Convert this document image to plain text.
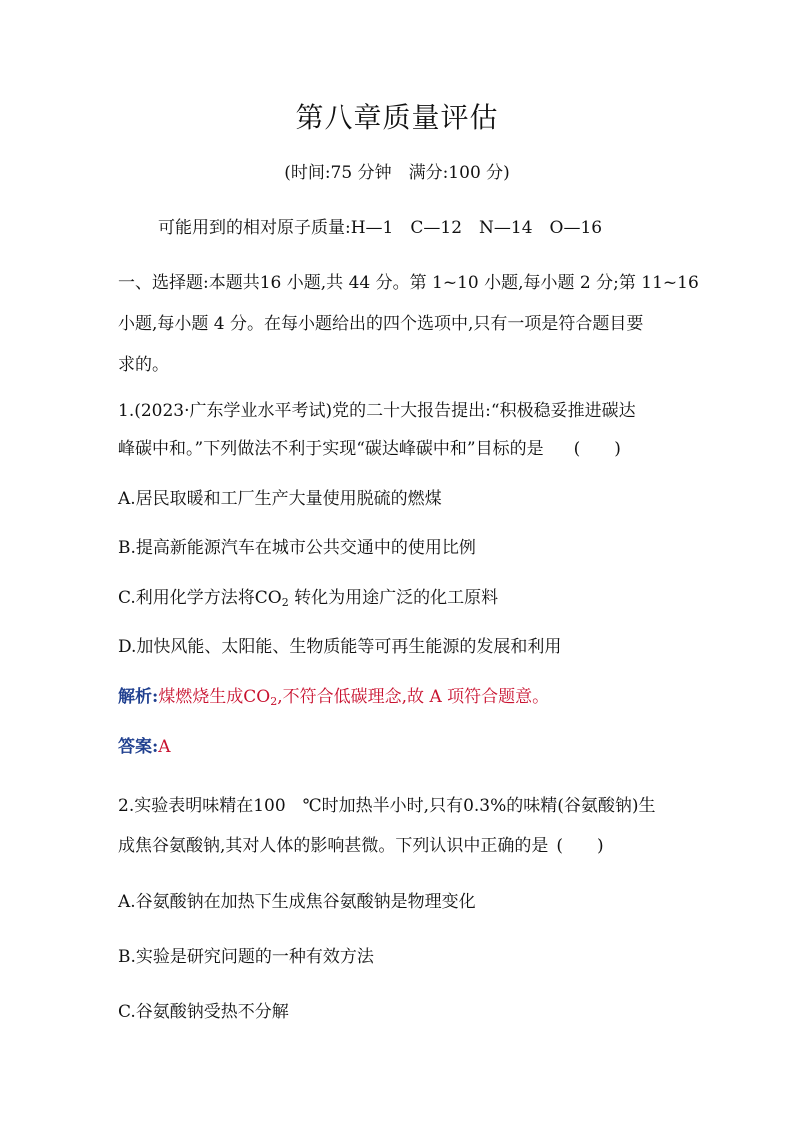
第八章质量评估
(时间:75 分钟　满分:100 分)
可能用到的相对原子质量:H—1　C—12　N—14　O—16
一、选择题:本题共16 小题,共 44 分。第 1~10 小题,每小题 2 分;第 11~16
小题,每小题 4 分。在每小题给出的四个选项中,只有一项是符合题目要
求的。
1.(2023·广东学业水平考试)党的二十大报告提出:“积极稳妥推进碳达
峰碳中和。”下列做法不利于实现“碳达峰碳中和”目标的是 (　　)
A.居民取暖和工厂生产大量使用脱硫的燃煤
B.提高新能源汽车在城市公共交通中的使用比例
C.利用化学方法将$CO_2$ 转化为用途广泛的化工原料
D.加快风能、太阳能、生物质能等可再生能源的发展和利用
解析:煤燃烧生成$CO_2$,不符合低碳理念,故 A 项符合题意。
答案:A
2.实验表明味精在100　℃时加热半小时,只有0.3%的味精(谷氨酸钠)生
成焦谷氨酸钠,其对人体的影响甚微。下列认识中正确的是 (　　)
A.谷氨酸钠在加热下生成焦谷氨酸钠是物理变化
B.实验是研究问题的一种有效方法
C.谷氨酸钠受热不分解
